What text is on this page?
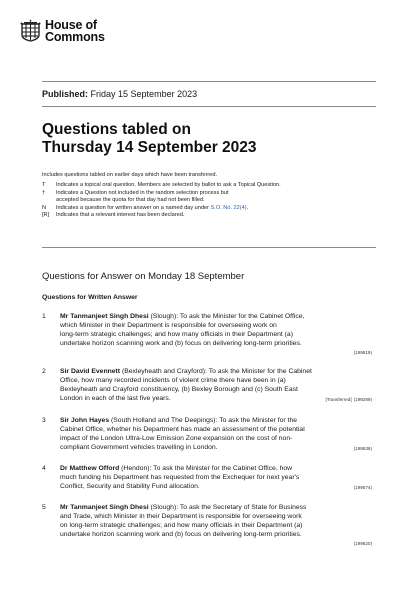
House of
Commons
Published: Friday 15 September 2023
Questions tabled on
Thursday 14 September 2023
Includes questions tabled on earlier days which have been transferred.
T	Indicates a topical oral question. Members are selected by ballot to ask a Topical Question.
†	Indicates a Question not included in the random selection process but
accepted because the quota for that day had not been filled.
N	Indicates a question for written answer on a named day under S.O. No. 22(4).
[R]	Indicates that a relevant interest has been declared.
Questions for Answer on Monday 18 September
Questions for Written Answer
1 Mr Tanmanjeet Singh Dhesi (Slough): To ask the Minister for the Cabinet Office,
which Minister in their Department is responsible for overseeing work on
long-term strategic challenges; and how many officials in their Department (a)
undertake horizon scanning work and (b) focus on delivering long-term priorities.
(199619)
2 Sir David Evennett (Bexleyheath and Crayford): To ask the Minister for the Cabinet
Office, how many recorded incidents of violent crime there have been in (a)
Bexleyheath and Crayford constituency, (b) Bexley Borough and (c) South East
London in each of the last five years.	[Transferred] (199289)
3 Sir John Hayes (South Holland and The Deepings): To ask the Minister for the
Cabinet Office, whether his Department has made an assessment of the potential
impact of the London Ultra-Low Emission Zone expansion on the cost of non-
compliant Government vehicles travelling in London.	(199536)
4 Dr Matthew Offord (Hendon): To ask the Minister for the Cabinet Office, how
much funding his Department has requested from the Exchequer for next year's
Conflict, Security and Stability Fund allocation.	(199574)
5 Mr Tanmanjeet Singh Dhesi (Slough): To ask the Secretary of State for Business
and Trade, which Minister in their Department is responsible for overseeing work
on long-term strategic challenges; and how many officials in their Department (a)
undertake horizon scanning work and (b) focus on delivering long-term priorities.
(199620)
